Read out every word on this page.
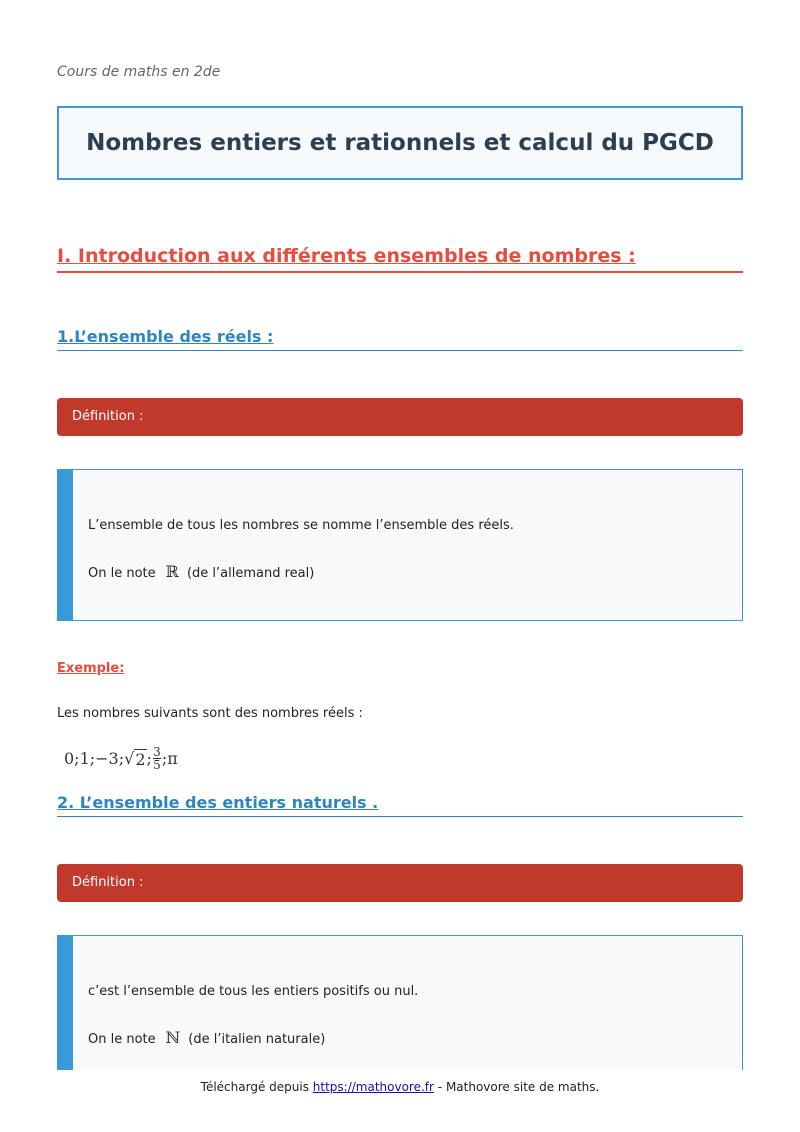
Cours de maths en 2de
Nombres entiers et rationnels et calcul du PGCD
I. Introduction aux différents ensembles de nombres :
1.L’ensemble des réels :
Définition :

L’ensemble de tous les nombres se nomme l’ensemble des réels.

On le note ℝ (de l’allemand real)

Exemple:
Les nombres suivants sont des nombres réels :
0;1;−3; √ 2 ; $\frac{3}{5}$ ;π
2. L’ensemble des entiers naturels .
Définition :

c’est l’ensemble de tous les entiers positifs ou nul.

On le note ℕ (de l’italien naturale)

Téléchargé depuis https://mathovore.fr - Mathovore site de maths.
